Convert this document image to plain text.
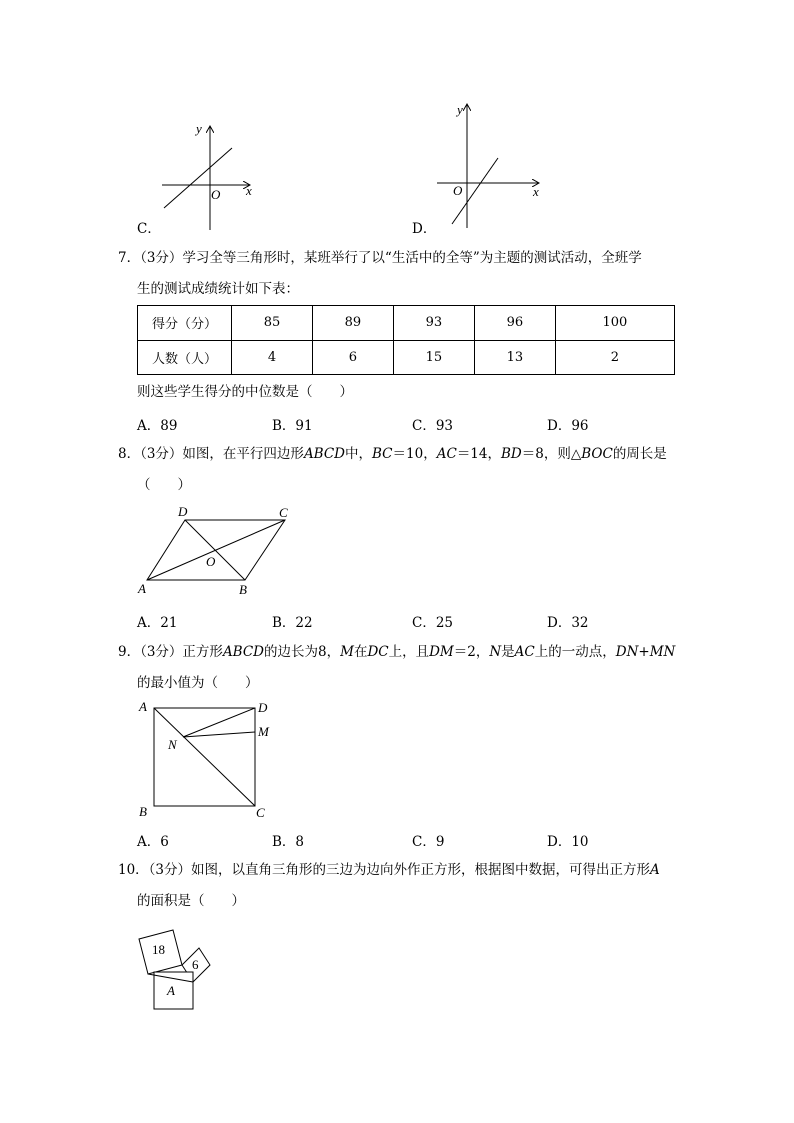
y
x
O
C．
y
x
O
D．
7．（3分）学习全等三角形时，某班举行了以“生活中的全等”为主题的测试活动，全班学
生的测试成绩统计如下表：
得分（分）	85	89	93	96	100
人数（人）	4	6	15	13	2
则这些学生得分的中位数是（　　）
A．89	B．91	C．93	D．96
8．（3分）如图，在平行四边形ABCD中，BC＝10，AC＝14，BD＝8，则△BOC的周长是
（　　）
D	C
A	B
O
A．21	B．22	C．25	D．32
9．（3分）正方形ABCD的边长为8，M在DC上，且DM＝2，N是AC上的一动点，DN+MN
的最小值为（　　）
A	D
M
N
B	C
A．6	B．8	C．9	D．10
10．（3分）如图，以直角三角形的三边为边向外作正方形，根据图中数据，可得出正方形A
的面积是（　　）
18
6
A
